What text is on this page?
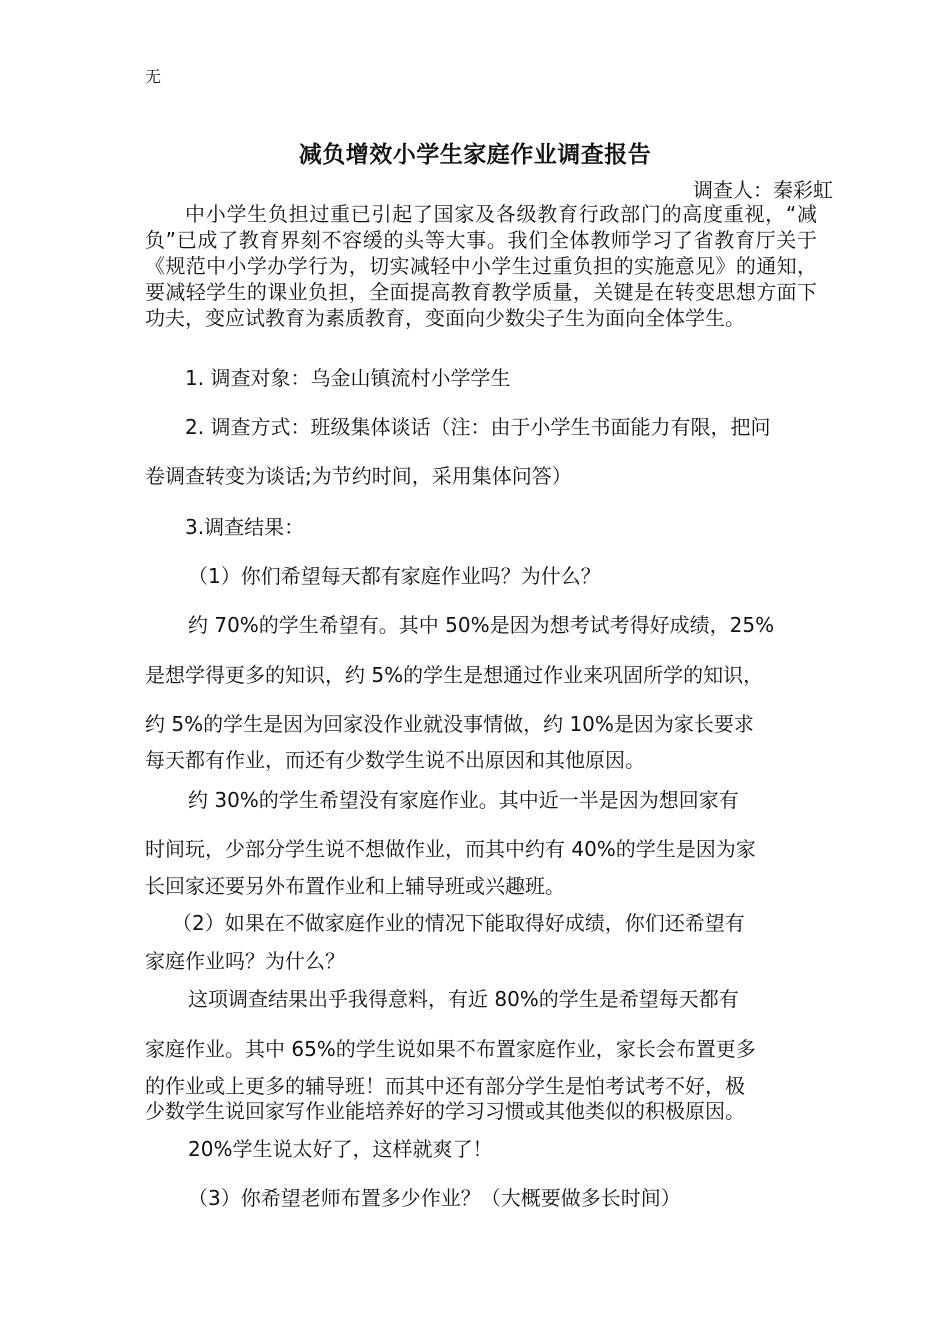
无
减负增效小学生家庭作业调查报告
调查人：秦彩虹

中小学生负担过重已引起了国家及各级教育行政部门的高度重视，“减负”已成了教育界刻不容缓的头等大事。我们全体教师学习了省教育厅关于《规范中小学办学行为，切实减轻中小学生过重负担的实施意见》的通知，要减轻学生的课业负担，全面提高教育教学质量，关键是在转变思想方面下功夫，变应试教育为素质教育，变面向少数尖子生为面向全体学生。

1. 调查对象：乌金山镇流村小学学生
2. 调查方式：班级集体谈话（注：由于小学生书面能力有限，把问
卷调查转变为谈话;为节约时间，采用集体问答）
3.调查结果：
（1）你们希望每天都有家庭作业吗？为什么？
约 70%的学生希望有。其中 50%是因为想考试考得好成绩，25%
是想学得更多的知识，约 5%的学生是想通过作业来巩固所学的知识，
约 5%的学生是因为回家没作业就没事情做，约 10%是因为家长要求
每天都有作业，而还有少数学生说不出原因和其他原因。
约 30%的学生希望没有家庭作业。其中近一半是因为想回家有
时间玩，少部分学生说不想做作业，而其中约有 40%的学生是因为家
长回家还要另外布置作业和上辅导班或兴趣班。
（2）如果在不做家庭作业的情况下能取得好成绩，你们还希望有
家庭作业吗？为什么？
这项调查结果出乎我得意料，有近 80%的学生是希望每天都有
家庭作业。其中 65%的学生说如果不布置家庭作业，家长会布置更多
的作业或上更多的辅导班！而其中还有部分学生是怕考试考不好，极
少数学生说回家写作业能培养好的学习习惯或其他类似的积极原因。
20%学生说太好了，这样就爽了！
（3）你希望老师布置多少作业？（大概要做多长时间）
